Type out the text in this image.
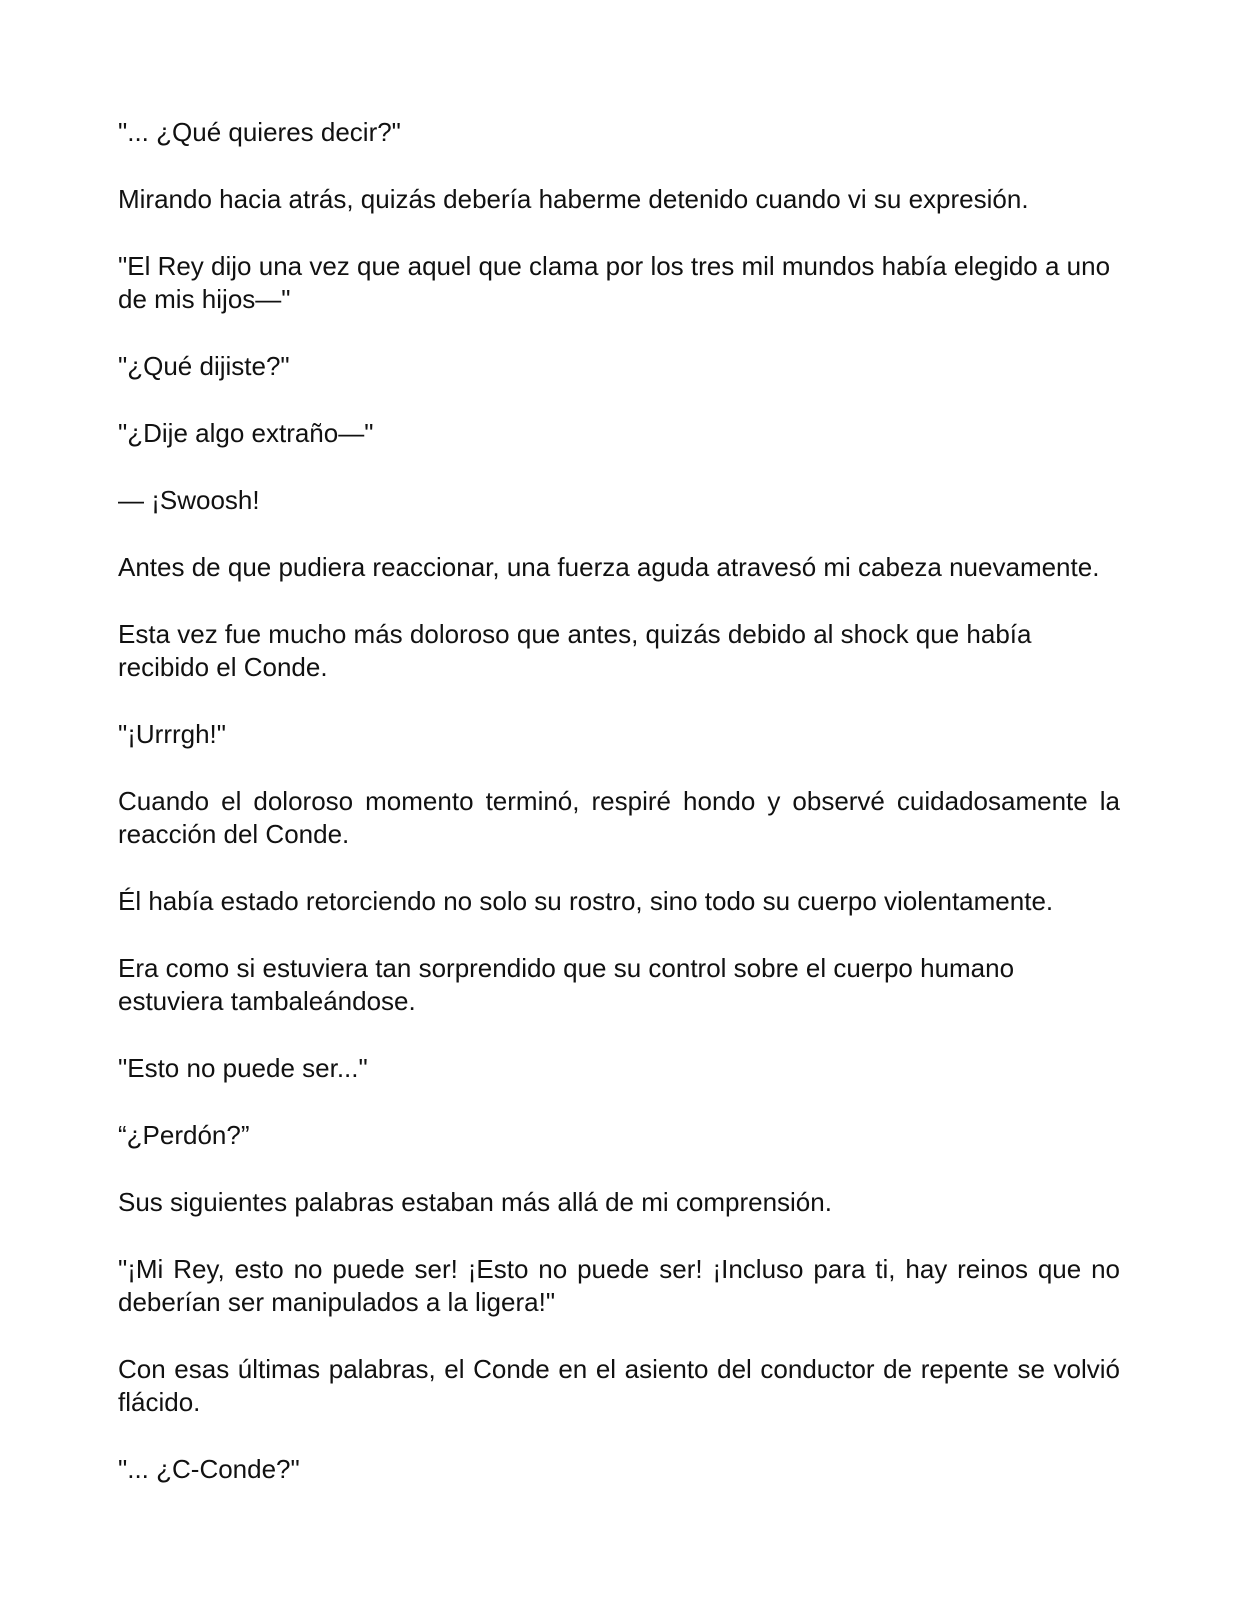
"... ¿Qué quieres decir?"

Mirando hacia atrás, quizás debería haberme detenido cuando vi su expresión.

"El Rey dijo una vez que aquel que clama por los tres mil mundos había elegido a uno de mis hijos—"

"¿Qué dijiste?"

"¿Dije algo extraño—"

— ¡Swoosh!

Antes de que pudiera reaccionar, una fuerza aguda atravesó mi cabeza nuevamente.

Esta vez fue mucho más doloroso que antes, quizás debido al shock que había recibido el Conde.

"¡Urrrgh!"

Cuando el doloroso momento terminó, respiré hondo y observé cuidadosamente la reacción del Conde.

Él había estado retorciendo no solo su rostro, sino todo su cuerpo violentamente.

Era como si estuviera tan sorprendido que su control sobre el cuerpo humano estuviera tambaleándose.

"Esto no puede ser..."

“¿Perdón?”

Sus siguientes palabras estaban más allá de mi comprensión.

"¡Mi Rey, esto no puede ser! ¡Esto no puede ser! ¡Incluso para ti, hay reinos que no deberían ser manipulados a la ligera!"

Con esas últimas palabras, el Conde en el asiento del conductor de repente se volvió flácido.

"... ¿C-Conde?"
